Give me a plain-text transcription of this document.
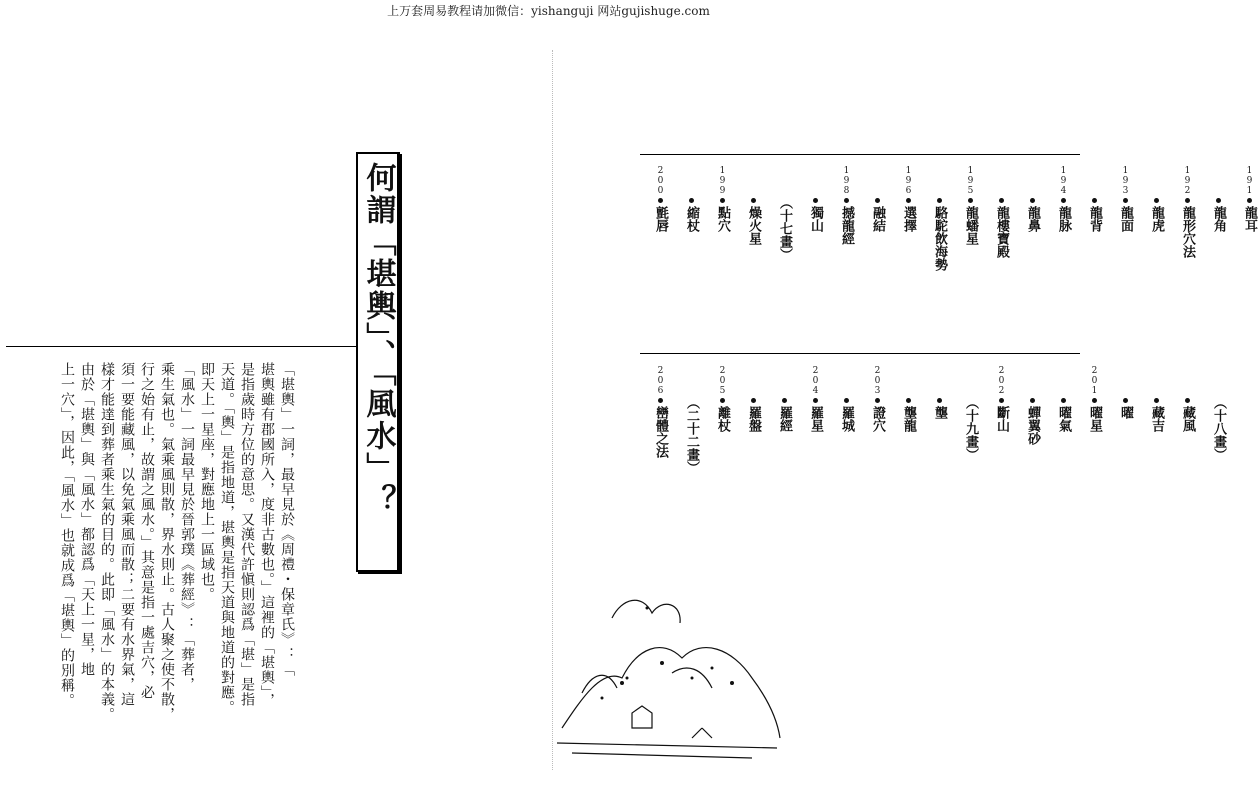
上万套周易教程请加微信：yishanguji 网站gujishuge.com
何謂「堪輿」、「風水」？
「堪輿」一詞，最早見於《周禮・保章氏》：「
堪輿雖有郡國所入，度非古數也。」這裡的「堪輿」，
是指歲時方位的意思。又漢代許愼則認爲「堪」是指
天道。「輿」是指地道，堪輿是指天道與地道的對應。
即天上一星座，對應地上一區域也。
「風水」一詞最早見於晉郭璞《葬經》：「葬者，
乘生氣也。氣乘風則散，界水則止。古人聚之使不散，
行之始有止，故謂之風水。」其意是指一處吉穴，必
須一要能藏風，以免氣乘風而散；二要有水界氣，這
樣才能達到葬者乘生氣的目的。此即「風水」的本義。
由於「堪輿」與「風水」都認爲「天上一星，地
上一穴」，因此，「風水」也就成爲「堪輿」的別稱。
191
龍耳
龍角
192
龍形穴法
龍虎
193
龍面
龍背
194
龍脉
龍鼻
龍樓寶殿
195
龍蟠星
駱駝飲海勢
196
選擇
融結
198
撼龍經
獨山
（十七畫）
燥火星
199
點穴
縮杖
200
氈唇
（十八畫）
藏風
藏吉
曜
201
曜星
曜氣
蟬翼砂
202
斷山
（十九畫）
壟
壟龍
203
證穴
羅城
204
羅星
羅經
羅盤
205
離杖
（二十二畫）
206
巒體之法
